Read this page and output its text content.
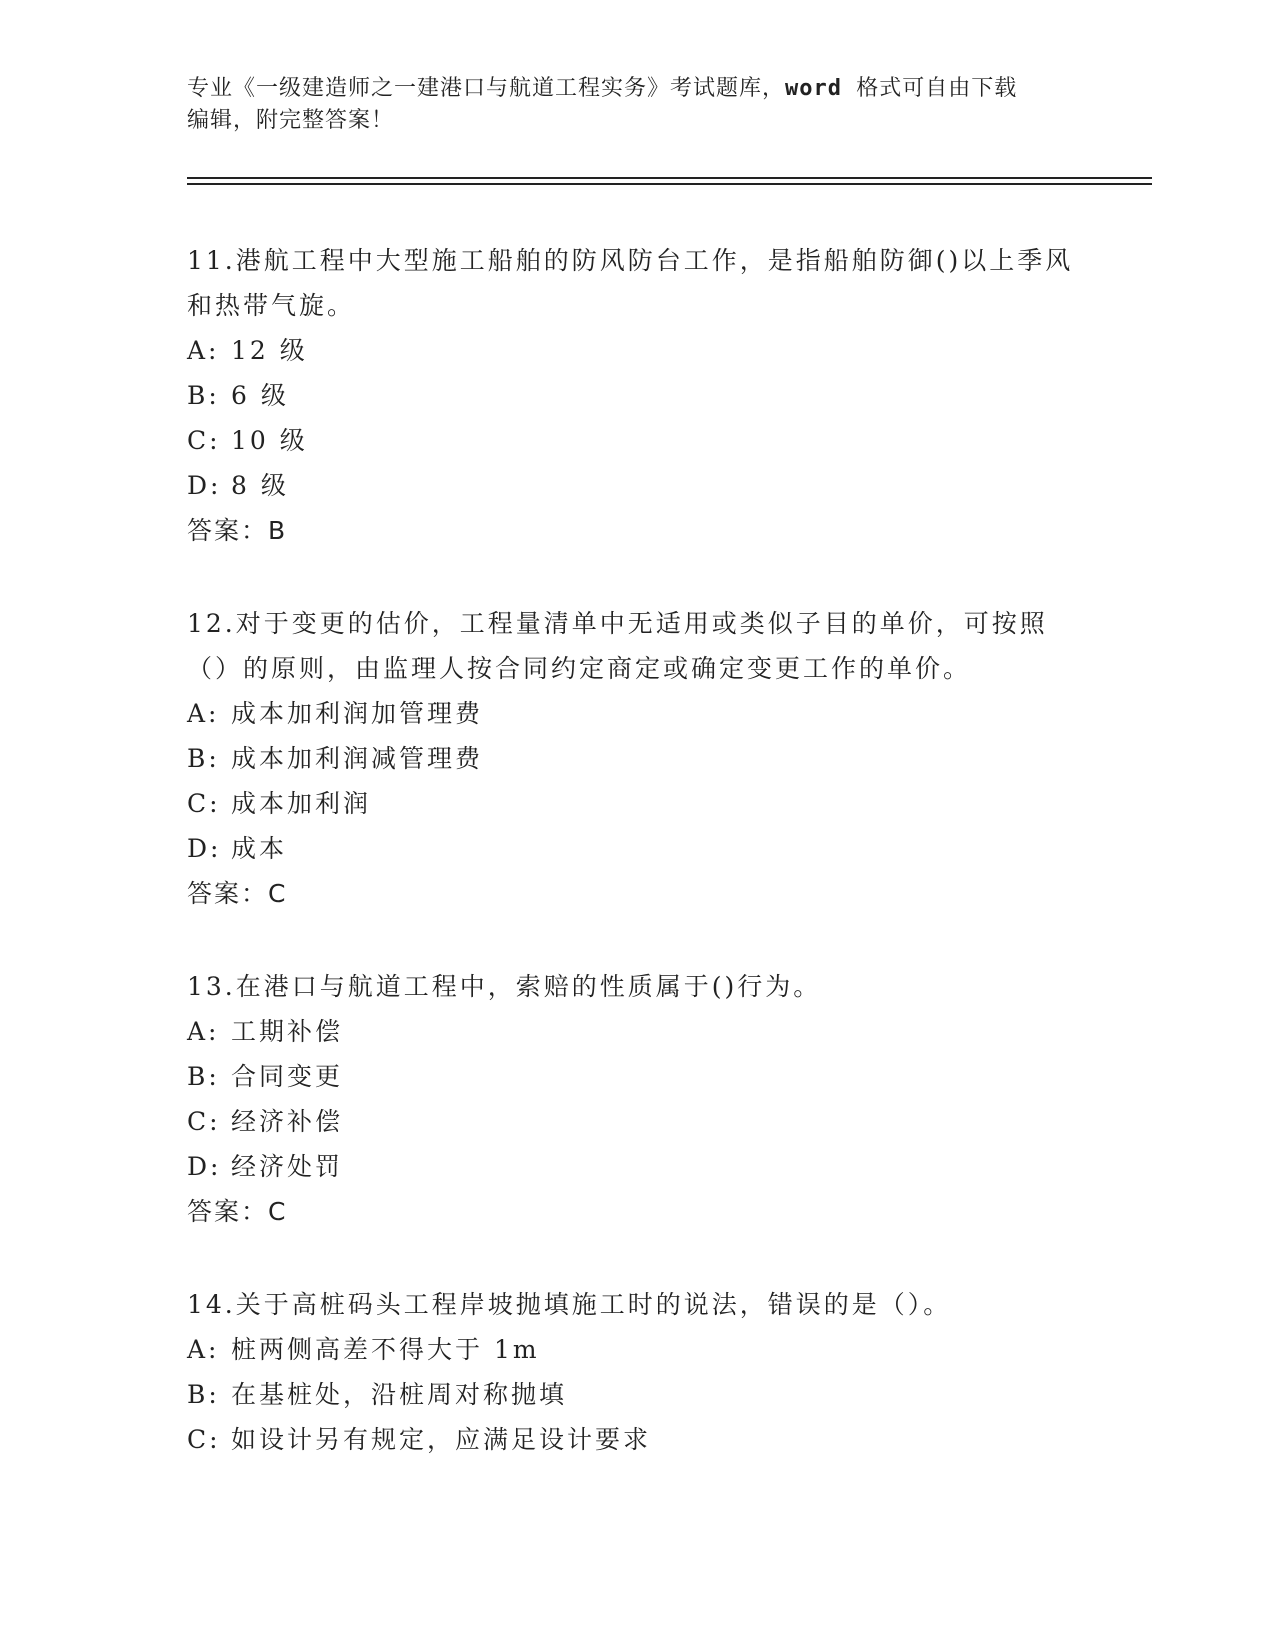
专业《一级建造师之一建港口与航道工程实务》考试题库，word 格式可自由下载
编辑，附完整答案！

11.港航工程中大型施工船舶的防风防台工作，是指船舶防御()以上季风和热带气旋。

A: 12 级

B: 6 级

C: 10 级

D: 8 级

答案：B

12.对于变更的估价，工程量清单中无适用或类似子目的单价，可按照（）的原则，由监理人按合同约定商定或确定变更工作的单价。

A: 成本加利润加管理费

B: 成本加利润减管理费

C: 成本加利润

D: 成本

答案：C

13.在港口与航道工程中，索赔的性质属于()行为。

A: 工期补偿

B: 合同变更

C: 经济补偿

D: 经济处罚

答案：C

14.关于高桩码头工程岸坡抛填施工时的说法，错误的是（）。

A: 桩两侧高差不得大于 1m

B: 在基桩处，沿桩周对称抛填

C: 如设计另有规定，应满足设计要求
